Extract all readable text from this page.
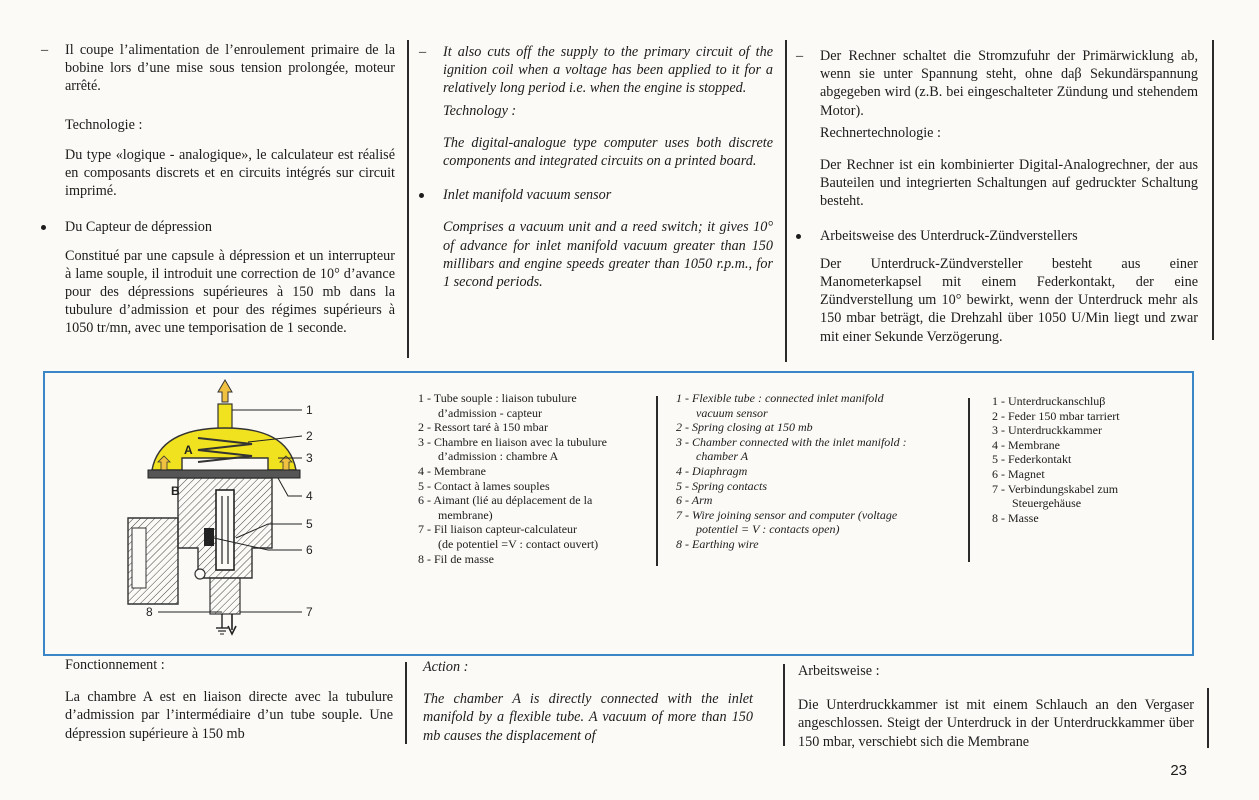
– Il coupe l’alimentation de l’enroulement primaire de la bobine lors d’une mise sous tension prolongée, moteur arrêté.
Technologie :
Du type «logique - analogique», le calculateur est réalisé en composants discrets et en circuits intégrés sur circuit imprimé.
Du Capteur de dépression
Constitué par une capsule à dépression et un interrupteur à lame souple, il introduit une correction de 10° d’avance pour des dépressions supérieures à 150 mb dans la tubulure d’admission et pour des régimes supérieurs à 1050 tr/mn, avec une temporisation de 1 seconde.
– It also cuts off the supply to the primary circuit of the ignition coil when a voltage has been applied to it for a relatively long period i.e. when the engine is stopped.
Technology :
The digital-analogue type computer uses both discrete components and integrated circuits on a printed board.
Inlet manifold vacuum sensor
Comprises a vacuum unit and a reed switch; it gives 10° of advance for inlet manifold vacuum greater than 150 millibars and engine speeds greater than 1050 r.p.m., for 1 second periods.
– Der Rechner schaltet die Stromzufuhr der Primärwicklung ab, wenn sie unter Spannung steht, ohne daβ Sekundärspannung abgegeben wird (z.B. bei eingeschalteter Zündung und stehendem Motor).
Rechnertechnologie :
Der Rechner ist ein kombinierter Digital-Analogrechner, der aus Bauteilen und integrierten Schaltungen auf gedruckter Schaltung besteht.
Arbeitsweise des Unterdruck-Zündverstellers
Der Unterdruck-Zündversteller besteht aus einer Manometerkapsel mit einem Federkontakt, der eine Zündverstellung um 10° bewirkt, wenn der Unterdruck mehr als 150 mbar beträgt, die Drehzahl über 1050 U/Min liegt und zwar mit einer Sekunde Verzögerung.
A
B
1
2
3
4
5
6
7
8
1 - Tube souple : liaison tubulure
d’admission - capteur
2 - Ressort taré à 150 mbar
3 - Chambre en liaison avec la tubulure
d’admission : chambre A
4 - Membrane
5 - Contact à lames souples
6 - Aimant (lié au déplacement de la
membrane)
7 - Fil liaison capteur-calculateur
(de potentiel =V : contact ouvert)
8 - Fil de masse
1 - Flexible tube : connected inlet manifold
vacuum sensor
2 - Spring closing at 150 mb
3 - Chamber connected with the inlet manifold :
chamber A
4 - Diaphragm
5 - Spring contacts
6 - Arm
7 - Wire joining sensor and computer (voltage
potentiel = V : contacts open)
8 - Earthing wire
1 - Unterdruckanschluβ
2 - Feder 150 mbar tarriert
3 - Unterdruckkammer
4 - Membrane
5 - Federkontakt
6 - Magnet
7 - Verbindungskabel zum
Steuergehäuse
8 - Masse
Fonctionnement :
La chambre A est en liaison directe avec la tubulure d’admission par l’intermédiaire d’un tube souple. Une dépression supérieure à 150 mb
Action :
The chamber A is directly connected with the inlet manifold by a flexible tube. A vacuum of more than 150 mb causes the displacement of
Arbeitsweise :
Die Unterdruckkammer ist mit einem Schlauch an den Vergaser angeschlossen. Steigt der Unterdruck in der Unterdruckkammer über 150 mbar, verschiebt sich die Membrane
23
